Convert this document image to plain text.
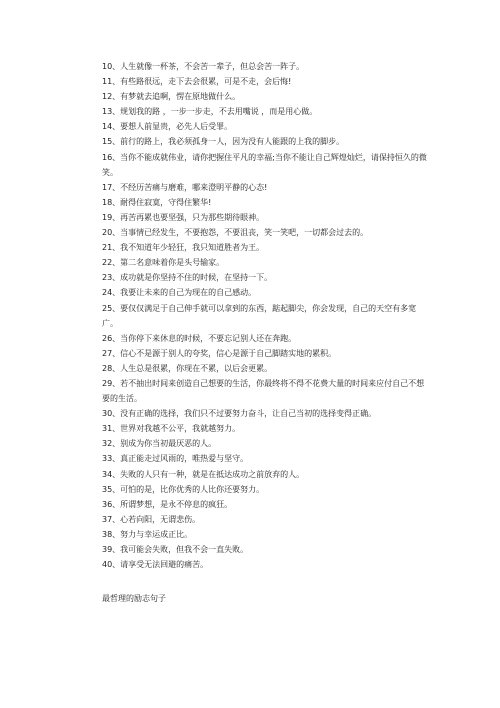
10、人生就像一杯茶，不会苦一辈子，但总会苦一阵子。
11、有些路很远，走下去会很累，可是不走，会后悔!
12、有梦就去追啊，愣在原地做什么。
13、规划我的路 ，一步一步走，不去用嘴说 ，而是用心做。
14、要想人前显贵，必先人后受罪。
15、前行的路上，我必须孤身一人，因为没有人能跟的上我的脚步。
16、当你不能成就伟业，请你把握住平凡的幸福;当你不能让自己辉煌灿烂，请保持恒久的微笑。
17、不经历苦痛与磨难，哪来澄明平静的心态!
18、耐得住寂寞，守得住繁华!
19、再苦再累也要坚强，只为那些期待眼神。
20、当事情已经发生，不要抱怨，不要沮丧，笑一笑吧，一切都会过去的。
21、我不知道年少轻狂，我只知道胜者为王。
22、第二名意味着你是头号输家。
23、成功就是你坚持不住的时候，在坚持一下。
24、我要让未来的自己为现在的自己感动。
25、要仅仅满足于自己伸手就可以拿到的东西，踮起脚尖，你会发现，自己的天空有多宽广。
26、当你停下来休息的时候，不要忘记别人还在奔跑。
27、信心不是源于别人的夸奖，信心是源于自己脚踏实地的累积。
28、人生总是很累，你现在不累，以后会更累。
29、若不抽出时间来创造自己想要的生活，你最终将不得不花费大量的时间来应付自己不想要的生活。
30、没有正确的选择，我们只不过要努力奋斗，让自己当初的选择变得正确。
31、世界对我越不公平，我就越努力。
32、别成为你当初最厌恶的人。
33、真正能走过风雨的，唯热爱与坚守。
34、失败的人只有一种，就是在抵达成功之前放弃的人。
35、可怕的是，比你优秀的人比你还要努力。
36、所谓梦想，是永不停息的疯狂。
37、心若向阳，无谓悲伤。
38、努力与幸运成正比。
39、我可能会失败，但我不会一直失败。
40、请享受无法回避的痛苦。
最哲理的励志句子
